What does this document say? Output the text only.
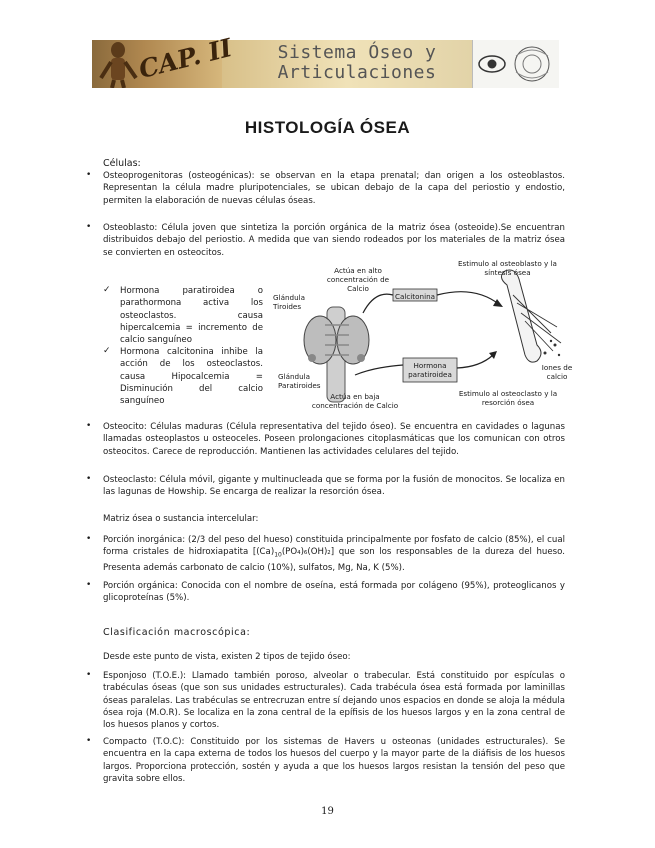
CAP. II	Sistema Óseo y
Articulaciones
HISTOLOGÍA ÓSEA
Células:
• Osteoprogenitoras (osteogénicas): se observan en la etapa prenatal; dan origen a los osteoblastos. Representan la célula madre pluripotenciales, se ubican debajo de la capa del periostio y endostio, permiten la elaboración de nuevas células óseas.
• Osteoblasto: Célula joven que sintetiza la porción orgánica de la matriz ósea (osteoide).Se encuentran distribuidos debajo del periostio. A medida que van siendo rodeados por los materiales de la matriz ósea se convierten en osteocitos.
✓ Hormona paratiroidea o parathormona activa los osteoclastos. causa hipercalcemia = incremento de calcio sanguíneo
✓ Hormona calcitonina inhibe la acción de los osteoclastos. causa Hipocalcemia = Disminución del calcio sanguíneo
Actúa en alto concentración de Calcio
Glándula Tiroides
Calcitonina
Estimulo al osteoblasto y la síntesis ósea
Hormona paratiroidea
Glándula Paratiroides
Actúa en baja concentración de Calcio
Estimulo al osteoclasto y la resorción ósea
Iones de calcio
• Osteocito: Células maduras (Célula representativa del tejido óseo). Se encuentra en cavidades o lagunas llamadas osteoplastos u osteoceles. Poseen prolongaciones citoplasmáticas que los comunican con otros osteocitos. Carece de reproducción. Mantienen las actividades celulares del tejido.
• Osteoclasto: Célula móvil, gigante y multinucleada que se forma por la fusión de monocitos. Se localiza en las lagunas de Howship. Se encarga de realizar la resorción ósea.
Matriz ósea o sustancia intercelular:
• Porción inorgánica: (2/3 del peso del hueso) constituida principalmente por fosfato de calcio (85%), el cual forma cristales de hidroxiapatita $[(Ca)_{10}(PO_4)_6(OH)_2]$ que son los responsables de la dureza del hueso. Presenta además carbonato de calcio (10%), sulfatos, Mg, Na, K (5%).
• Porción orgánica: Conocida con el nombre de oseína, está formada por colágeno (95%), proteoglicanos y glicoproteínas (5%).
Clasificación macroscópica:
Desde este punto de vista, existen 2 tipos de tejido óseo:
• Esponjoso (T.O.E.): Llamado también poroso, alveolar o trabecular. Está constituido por espículas o trabéculas óseas (que son sus unidades estructurales). Cada trabécula ósea está formada por laminillas óseas paralelas. Las trabéculas se entrecruzan entre sí dejando unos espacios en donde se aloja la médula ósea roja (M.O.R). Se localiza en la zona central de la epífisis de los huesos largos y en la zona central de los huesos planos y cortos.
• Compacto (T.O.C): Constituido por los sistemas de Havers u osteonas (unidades estructurales). Se encuentra en la capa externa de todos los huesos del cuerpo y la mayor parte de la diáfisis de los huesos largos. Proporciona protección, sostén y ayuda a que los huesos largos resistan la tensión del peso que gravita sobre ellos.
19
